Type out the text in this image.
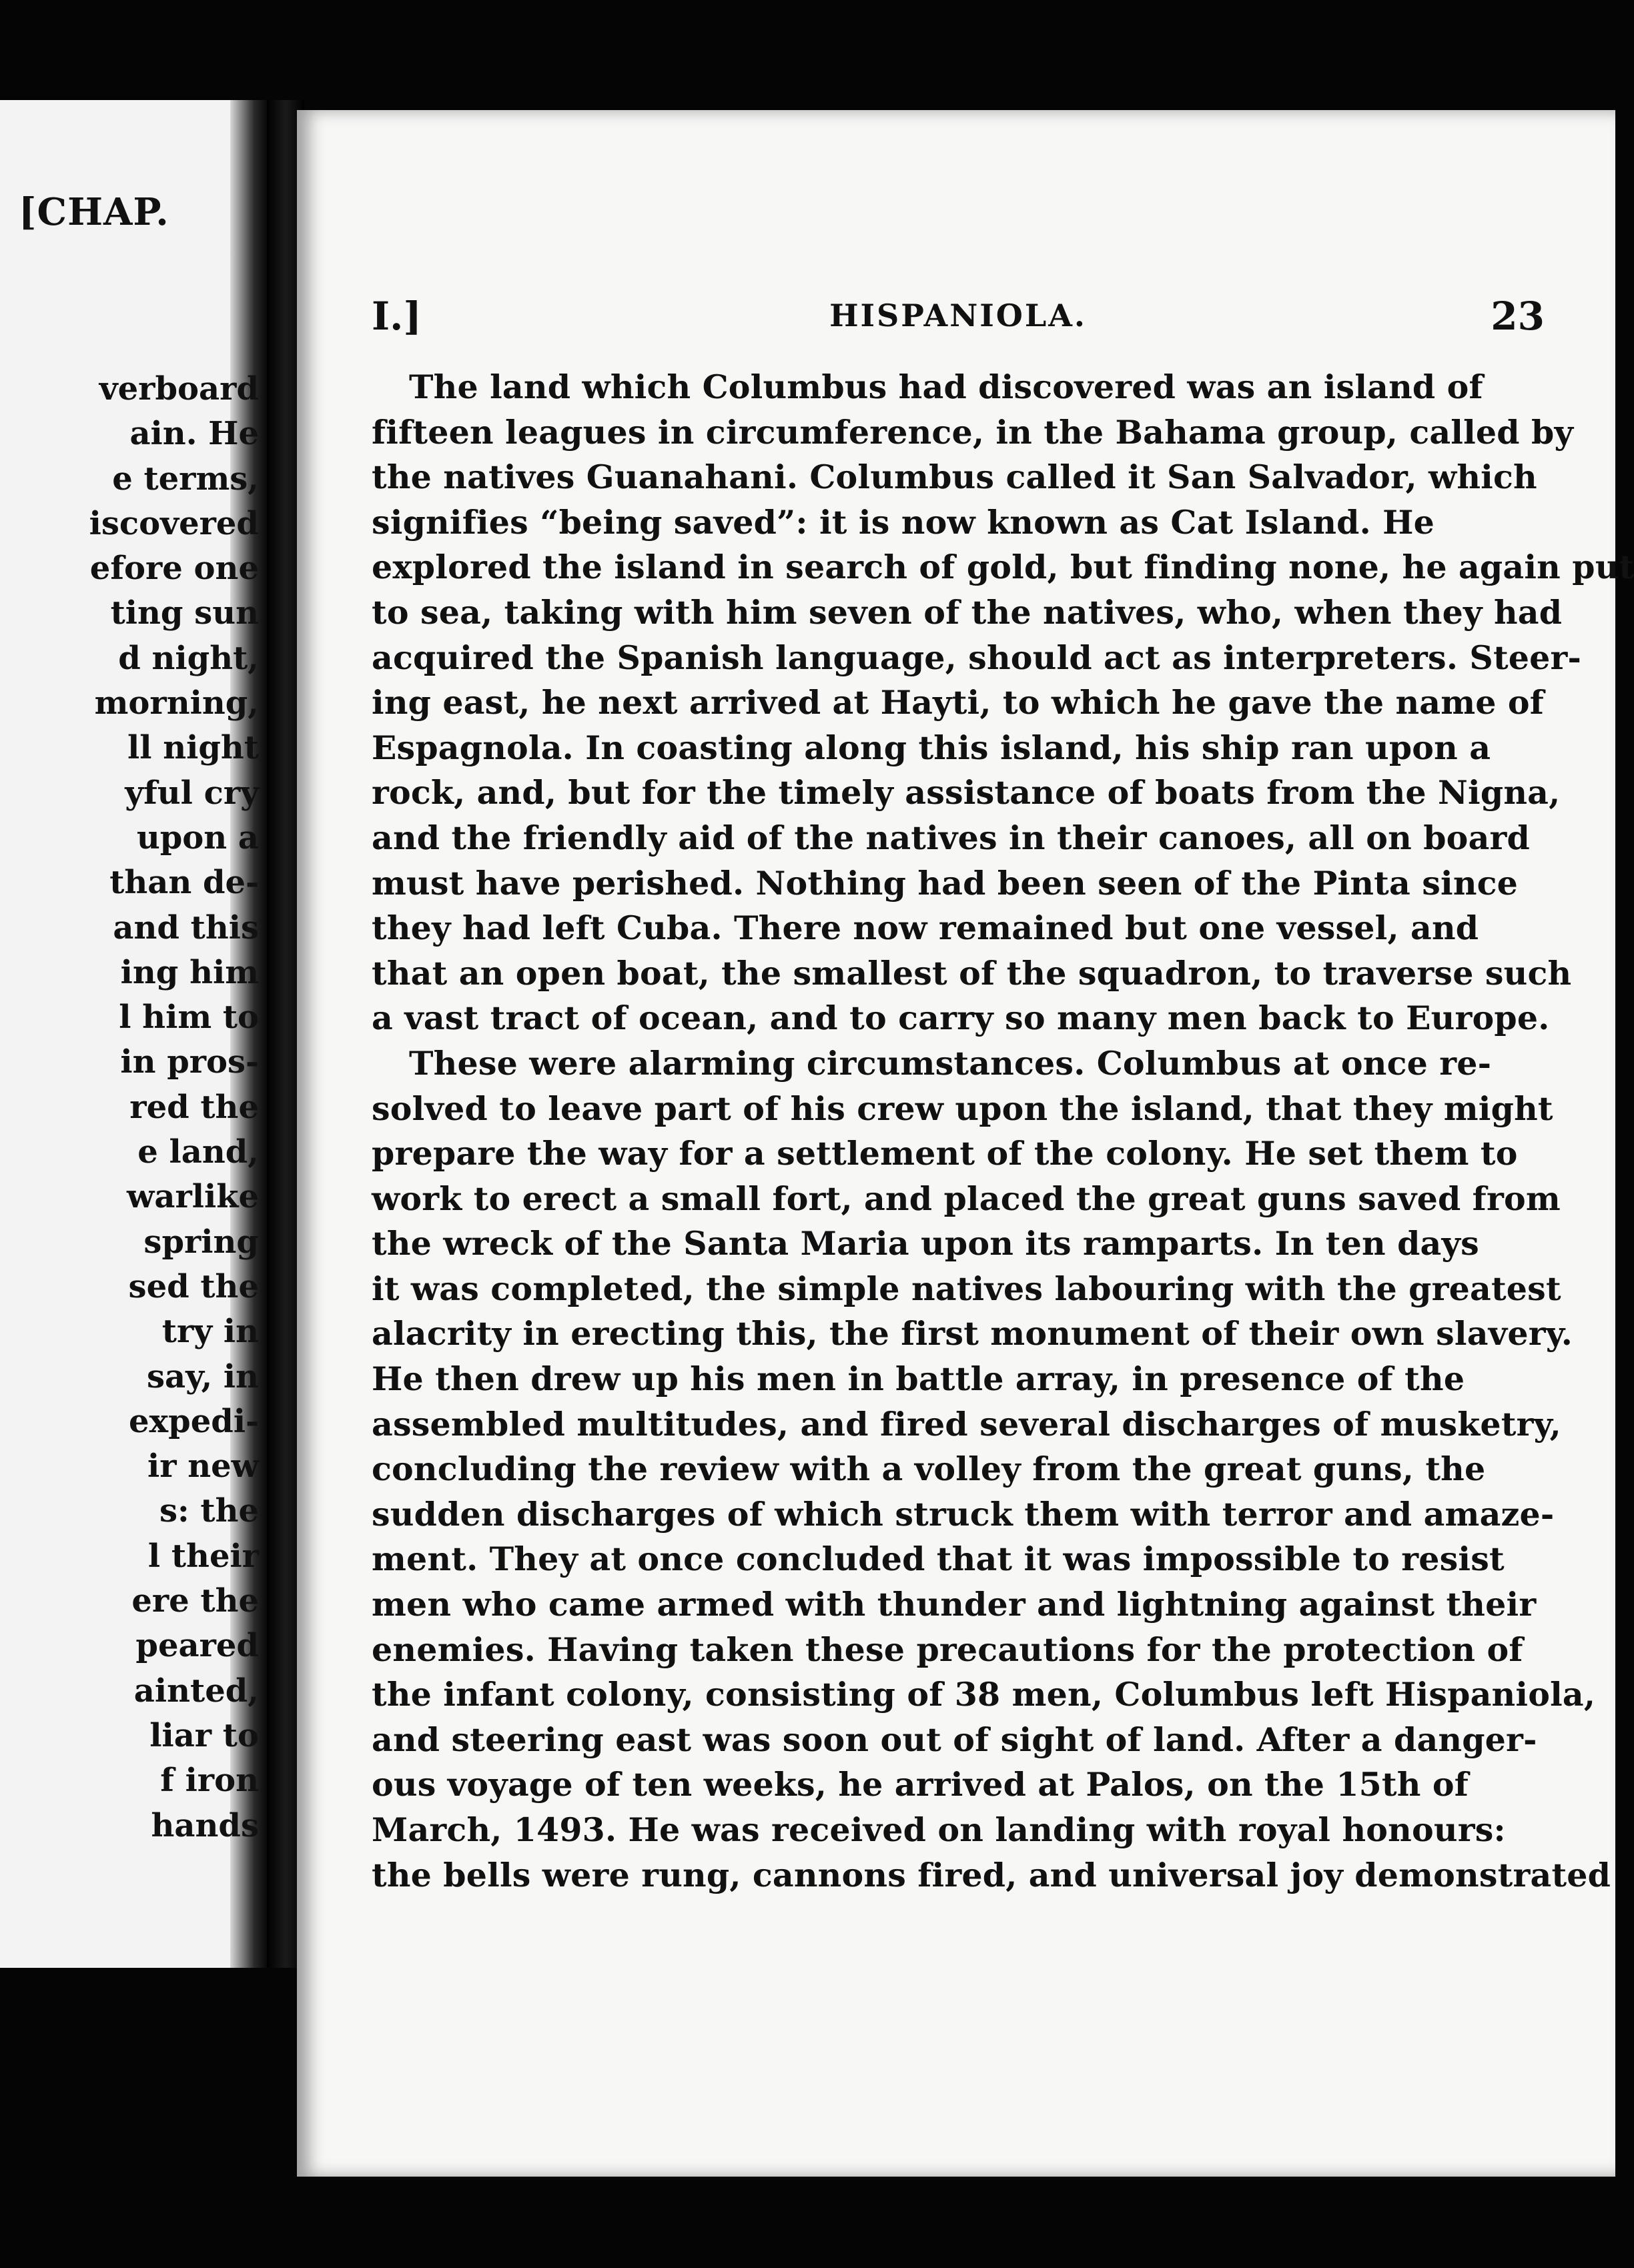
[CHAP.

verboard
ain. He
e terms,
iscovered
efore one
ting sun
d night,
morning,
ll night
yful cry
upon a
than de-
and this
ing him
l him to
in pros-
red the
e land,
warlike
spring
sed the
try in
say, in
expedi-
ir new
s: the
l their
ere the
peared
ainted,
liar to
f iron
hands
I.]	HISPANIOLA.	23
The land which Columbus had discovered was an island of
fifteen leagues in circumference, in the Bahama group, called by
the natives Guanahani. Columbus called it San Salvador, which
signifies “being saved”: it is now known as Cat Island. He
explored the island in search of gold, but finding none, he again put
to sea, taking with him seven of the natives, who, when they had
acquired the Spanish language, should act as interpreters. Steer-
ing east, he next arrived at Hayti, to which he gave the name of
Espagnola. In coasting along this island, his ship ran upon a
rock, and, but for the timely assistance of boats from the Nigna,
and the friendly aid of the natives in their canoes, all on board
must have perished. Nothing had been seen of the Pinta since
they had left Cuba. There now remained but one vessel, and
that an open boat, the smallest of the squadron, to traverse such
a vast tract of ocean, and to carry so many men back to Europe.
These were alarming circumstances. Columbus at once re-
solved to leave part of his crew upon the island, that they might
prepare the way for a settlement of the colony. He set them to
work to erect a small fort, and placed the great guns saved from
the wreck of the Santa Maria upon its ramparts. In ten days
it was completed, the simple natives labouring with the greatest
alacrity in erecting this, the first monument of their own slavery.
He then drew up his men in battle array, in presence of the
assembled multitudes, and fired several discharges of musketry,
concluding the review with a volley from the great guns, the
sudden discharges of which struck them with terror and amaze-
ment. They at once concluded that it was impossible to resist
men who came armed with thunder and lightning against their
enemies. Having taken these precautions for the protection of
the infant colony, consisting of 38 men, Columbus left Hispaniola,
and steering east was soon out of sight of land. After a danger-
ous voyage of ten weeks, he arrived at Palos, on the 15th of
March, 1493. He was received on landing with royal honours:
the bells were rung, cannons fired, and universal joy demonstrated
